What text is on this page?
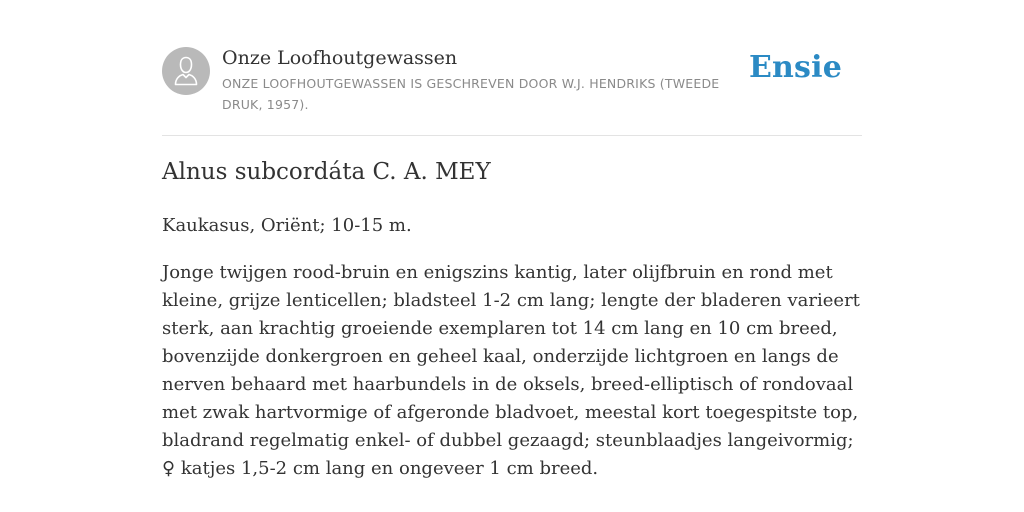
Onze Loofhoutgewassen
ONZE LOOFHOUTGEWASSEN IS GESCHREVEN DOOR W.J. HENDRIKS (TWEEDE DRUK, 1957).
Ensie
Alnus subcordáta C. A. MEY

Kaukasus, Oriënt; 10-15 m.

Jonge twijgen rood-bruin en enigszins kantig, later olijfbruin en rond met kleine, grijze lenticellen; bladsteel 1-2 cm lang; lengte der bladeren varieert sterk, aan krachtig groeiende exemplaren tot 14 cm lang en 10 cm breed, bovenzijde donkergroen en geheel kaal, onderzijde lichtgroen en langs de nerven behaard met haarbundels in de oksels, breed-elliptisch of rondovaal met zwak hartvormige of afgeronde bladvoet, meestal kort toegespitste top, bladrand regelmatig enkel- of dubbel gezaagd; steunblaadjes langeivormig; ♀ katjes 1,5-2 cm lang en ongeveer 1 cm breed.
